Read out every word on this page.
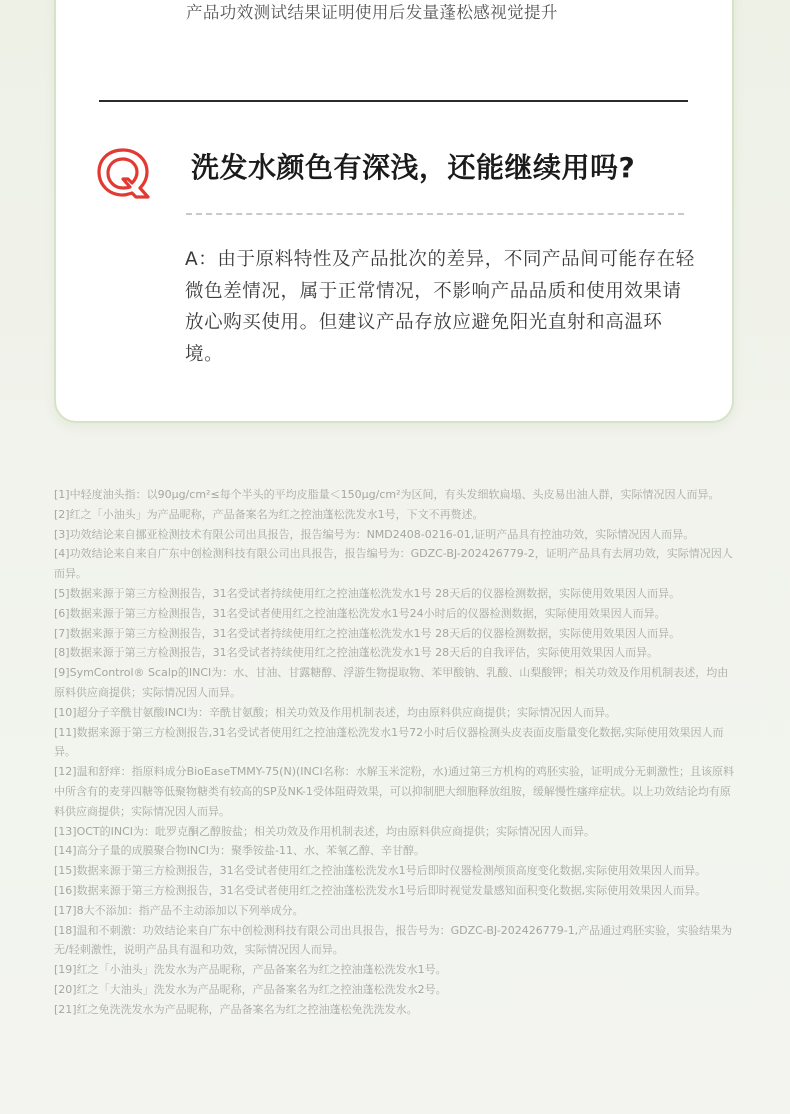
产品功效测试结果证明使用后发量蓬松感视觉提升
洗发水颜色有深浅，还能继续用吗?
A：由于原料特性及产品批次的差异，不同产品间可能存在轻微色差情况，属于正常情况，不影响产品品质和使用效果请放心购买使用。但建议产品存放应避免阳光直射和高温环境。

[1]中轻度油头指：以90μg/cm²≤每个半头的平均皮脂量＜150μg/cm²为区间，有头发细软扁塌、头皮易出油人群，实际情况因人而异。

[2]红之「小油头」为产品昵称，产品备案名为红之控油蓬松洗发水1号，下文不再赘述。

[3]功效结论来自挪亚检测技术有限公司出具报告，报告编号为：NMD2408-0216-01,证明产品具有控油功效，实际情况因人而异。

[4]功效结论来自来自广东中创检测科技有限公司出具报告，报告编号为：GDZC-BJ-202426779-2，证明产品具有去屑功效，实际情况因人而异。

[5]数据来源于第三方检测报告，31名受试者持续使用红之控油蓬松洗发水1号 28天后的仪器检测数据，实际使用效果因人而异。

[6]数据来源于第三方检测报告，31名受试者使用红之控油蓬松洗发水1号24小时后的仪器检测数据，实际使用效果因人而异。

[7]数据来源于第三方检测报告，31名受试者持续使用红之控油蓬松洗发水1号 28天后的仪器检测数据，实际使用效果因人而异。

[8]数据来源于第三方检测报告，31名受试者持续使用红之控油蓬松洗发水1号 28天后的自我评估，实际使用效果因人而异。

[9]SymControl® Scalp的INCI为：水、甘油、甘露糖醇、浮游生物提取物、苯甲酸钠、乳酸、山梨酸钾；相关功效及作用机制表述，均由原料供应商提供；实际情况因人而异。

[10]超分子辛酰甘氨酸INCI为：辛酰甘氨酸；相关功效及作用机制表述，均由原料供应商提供；实际情况因人而异。

[11]数据来源于第三方检测报告,31名受试者使用红之控油蓬松洗发水1号72小时后仪器检测头皮表面皮脂量变化数据,实际使用效果因人而异。

[12]温和舒痒：指原料成分BioEaseTMMY-75(N)(INCI名称：水解玉米淀粉，水)通过第三方机构的鸡胚实验，证明成分无刺激性；且该原料中所含有的麦芽四糖等低聚物糖类有较高的SP及NK-1受体阻碍效果，可以抑制肥大细胞释放组胺，缓解慢性瘙痒症状。以上功效结论均有原料供应商提供；实际情况因人而异。

[13]OCT的INCI为：吡罗克酮乙醇胺盐；相关功效及作用机制表述，均由原料供应商提供；实际情况因人而异。

[14]高分子量的成膜聚合物INCI为：聚季铵盐-11、水、苯氧乙醇、辛甘醇。

[15]数据来源于第三方检测报告，31名受试者使用红之控油蓬松洗发水1号后即时仪器检测颅顶高度变化数据,实际使用效果因人而异。

[16]数据来源于第三方检测报告，31名受试者使用红之控油蓬松洗发水1号后即时视觉发量感知面积变化数据,实际使用效果因人而异。

[17]8大不添加：指产品不主动添加以下列举成分。

[18]温和不刺激：功效结论来自广东中创检测科技有限公司出具报告，报告号为：GDZC-BJ-202426779-1,产品通过鸡胚实验，实验结果为无/轻刺激性，说明产品具有温和功效，实际情况因人而异。

[19]红之「小油头」洗发水为产品昵称，产品备案名为红之控油蓬松洗发水1号。

[20]红之「大油头」洗发水为产品昵称，产品备案名为红之控油蓬松洗发水2号。

[21]红之免洗洗发水为产品昵称，产品备案名为红之控油蓬松免洗洗发水。
